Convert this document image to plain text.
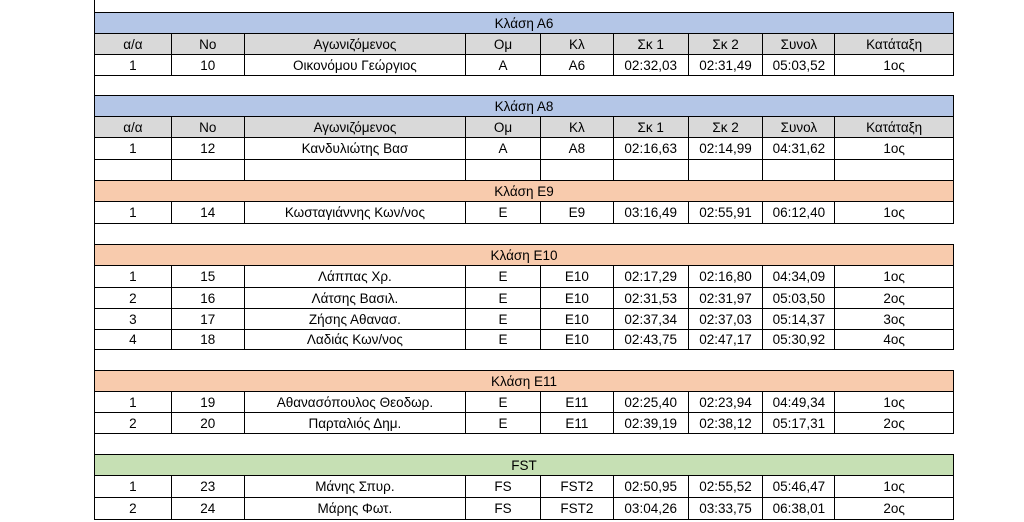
Κλάση Α6
α/α	Νο	Αγωνιζόμενος	Ομ	Κλ	Σκ 1	Σκ 2	Συνολ	Κατάταξη
1	10	Οικονόμου Γεώργιος	Α	Α6	02:32,03	02:31,49	05:03,52	1ος
Κλάση Α8
α/α	Νο	Αγωνιζόμενος	Ομ	Κλ	Σκ 1	Σκ 2	Συνολ	Κατάταξη
1	12	Κανδυλιώτης Βασ	Α	Α8	02:16,63	02:14,99	04:31,62	1ος
Κλάση Ε9
1	14	Κωσταγιάννης Κων/νος	Ε	Ε9	03:16,49	02:55,91	06:12,40	1ος
Κλάση Ε10
1	15	Λάππας Χρ.	Ε	Ε10	02:17,29	02:16,80	04:34,09	1ος
2	16	Λάτσης Βασιλ.	Ε	Ε10	02:31,53	02:31,97	05:03,50	2ος
3	17	Ζήσης Αθανασ.	Ε	Ε10	02:37,34	02:37,03	05:14,37	3ος
4	18	Λαδιάς Κων/νος	Ε	Ε10	02:43,75	02:47,17	05:30,92	4ος
Κλάση Ε11
1	19	Αθανασόπουλος Θεοδωρ.	Ε	Ε11	02:25,40	02:23,94	04:49,34	1ος
2	20	Παρταλιός Δημ.	Ε	Ε11	02:39,19	02:38,12	05:17,31	2ος
FST
1	23	Μάνης Σπυρ.	FS	FST2	02:50,95	02:55,52	05:46,47	1ος
2	24	Μάρης Φωτ.	FS	FST2	03:04,26	03:33,75	06:38,01	2ος
